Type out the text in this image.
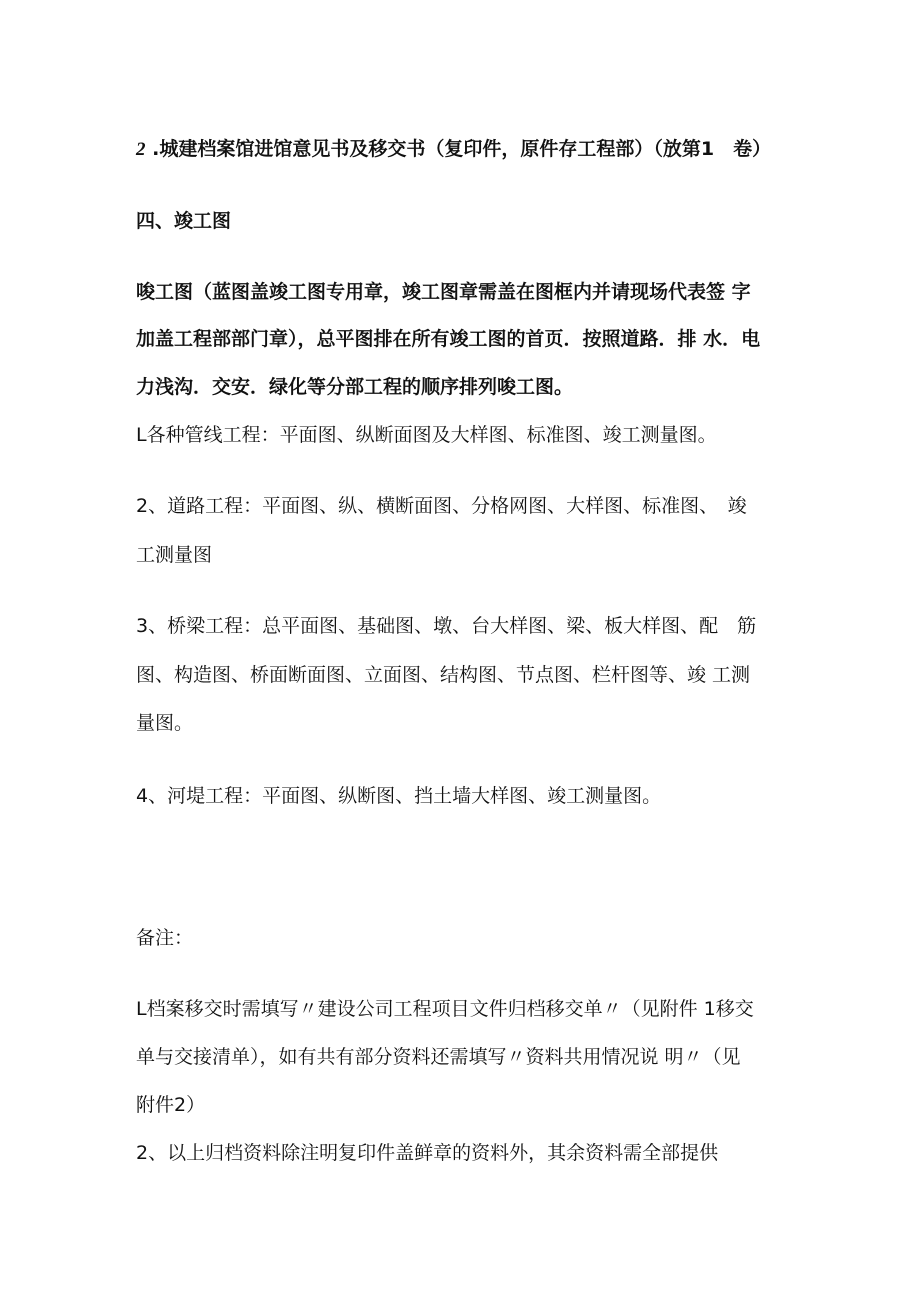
2 .城建档案馆进馆意见书及移交书（复印件，原件存工程部）（放第1　卷）
四、竣工图
唆工图（蓝图盖竣工图专用章，竣工图章需盖在图框内并请现场代表签 字
加盖工程部部门章），总平图排在所有竣工图的首页．按照道路．排 水．电
力浅沟．交安．绿化等分部工程的顺序排列唆工图。
L各种管线工程：平面图、纵断面图及大样图、标准图、竣工测量图。
2、道路工程：平面图、纵、横断面图、分格网图、大样图、标准图、　竣
工测量图
3、桥梁工程：总平面图、基础图、墩、台大样图、梁、板大样图、配　筋
图、构造图、桥面断面图、立面图、结构图、节点图、栏杆图等、竣 工测
量图。
4、河堤工程：平面图、纵断图、挡土墙大样图、竣工测量图。
备注：
L档案移交时需填写〃建设公司工程项目文件归档移交单〃（见附件 1移交
单与交接清单），如有共有部分资料还需填写〃资料共用情况说 明〃（见
附件2）
2、以上归档资料除注明复印件盖鲜章的资料外，其余资料需全部提供
